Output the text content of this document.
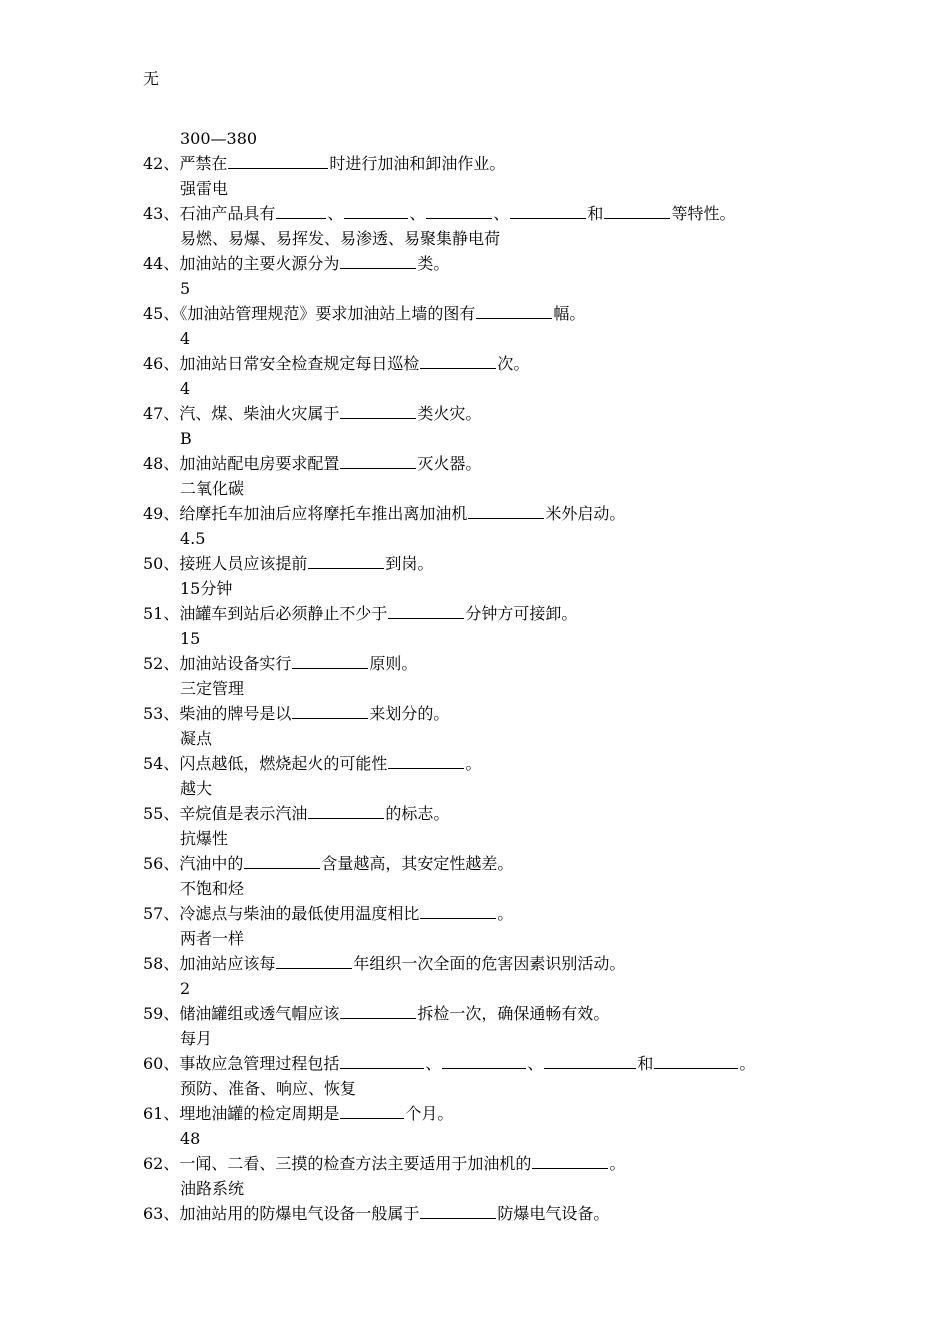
无
300—380
42、严禁在	时进行加油和卸油作业。
强雷电
43、石油产品具有	、	、	、	和	等特性。
易燃、易爆、易挥发、易渗透、易聚集静电荷
44、加油站的主要火源分为	类。
5
45、《加油站管理规范》要求加油站上墙的图有	幅。
4
46、加油站日常安全检查规定每日巡检	次。
4
47、汽、煤、柴油火灾属于	类火灾。
B
48、加油站配电房要求配置	灭火器。
二氧化碳
49、给摩托车加油后应将摩托车推出离加油机	米外启动。
4.5
50、接班人员应该提前	到岗。
15分钟
51、油罐车到站后必须静止不少于	分钟方可接卸。
15
52、加油站设备实行	原则。
三定管理
53、柴油的牌号是以	来划分的。
凝点
54、闪点越低，燃烧起火的可能性	。
越大
55、辛烷值是表示汽油	的标志。
抗爆性
56、汽油中的	含量越高，其安定性越差。
不饱和烃
57、冷滤点与柴油的最低使用温度相比	。
两者一样
58、加油站应该每	年组织一次全面的危害因素识别活动。
2
59、储油罐组或透气帽应该	拆检一次，确保通畅有效。
每月
60、事故应急管理过程包括	、	、	和	。
预防、准备、响应、恢复
61、埋地油罐的检定周期是	个月。
48
62、一闻、二看、三摸的检查方法主要适用于加油机的	。
油路系统
63、加油站用的防爆电气设备一般属于	防爆电气设备。
